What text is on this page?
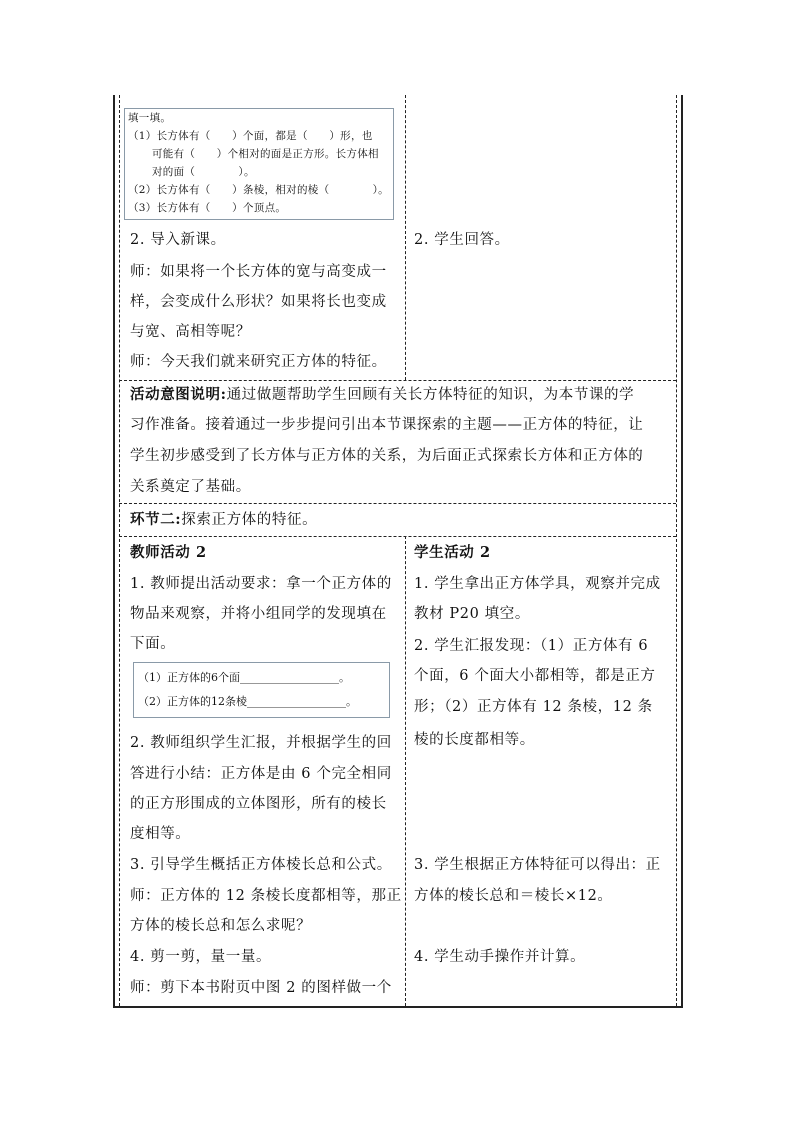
填一填。
（1）长方体有（　　）个面，都是（　　）形，也
可能有（　　）个相对的面是正方形。长方体相
对的面（　　　　）。
（2）长方体有（　　）条棱，相对的棱（　　　　）。
（3）长方体有（　　）个顶点。
2. 导入新课。
师：如果将一个长方体的宽与高变成一
样，会变成什么形状？如果将长也变成
与宽、高相等呢？
师：今天我们就来研究正方体的特征。
2. 学生回答。
活动意图说明:通过做题帮助学生回顾有关长方体特征的知识，为本节课的学
习作准备。接着通过一步步提问引出本节课探索的主题——正方体的特征，让
学生初步感受到了长方体与正方体的关系，为后面正式探索长方体和正方体的
关系奠定了基础。
环节二:探索正方体的特征。
教师活动 2
1. 教师提出活动要求：拿一个正方体的
物品来观察，并将小组同学的发现填在
下面。
（1）正方体的6个面__________________。
（2）正方体的12条棱__________________。
2. 教师组织学生汇报，并根据学生的回
答进行小结：正方体是由 6 个完全相同
的正方形围成的立体图形，所有的棱长
度相等。
3. 引导学生概括正方体棱长总和公式。
师：正方体的 12 条棱长度都相等，那正
方体的棱长总和怎么求呢？
4. 剪一剪，量一量。
师：剪下本书附页中图 2 的图样做一个
学生活动 2
1. 学生拿出正方体学具，观察并完成
教材 P20 填空。
2. 学生汇报发现：（1）正方体有 6
个面，6 个面大小都相等，都是正方
形；（2）正方体有 12 条棱，12 条
棱的长度都相等。
3. 学生根据正方体特征可以得出：正
方体的棱长总和＝棱长×12。
4. 学生动手操作并计算。
